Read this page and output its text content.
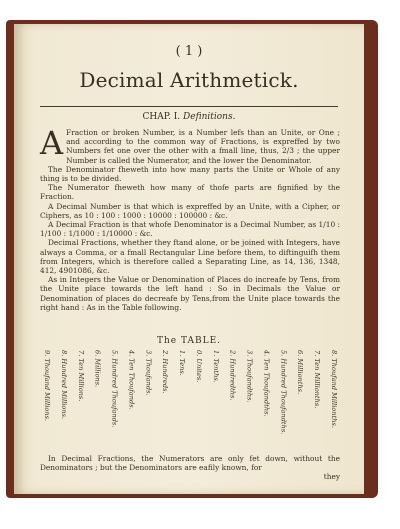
( 1 )
Decimal Arithmetick.
CHAP. I. Definitions.

A Fraction or broken Number, is a Number lefs than an Unite, or One ; and according to the common way of Fractions, is expreffed by two Numbers fet one over the other with a fmall line, thus, 2/3 ; the upper Number is called the Numerator, and the lower the Denominator.

The Denominator fheweth into how many parts the Unite or Whole of any thing is to be divided.

The Numerator fheweth how many of thofe parts are fignified by the Fraction.

A Decimal Number is that which is expreffed by an Unite, with a Cipher, or Ciphers, as 10 : 100 : 1000 : 10000 : 100000 : &c.

A Decimal Fraction is that whofe Denominator is a Decimal Number, as 1/10 : 1/100 : 1/1000 : 1/10000 : &c.

Decimal Fractions, whether they ftand alone, or be joined with Integers, have always a Comma, or a fmall Rectangular Line before them, to diftinguifh them from Integers, which is therefore called a Separating Line, as 14, 136, 1348, 412, 4901086, &c.

As in Integers the Value or Denomination of Places do increafe by Tens, from the Unite place towards the left hand : So in Decimals the Value or Denomination of places do decreafe by Tens,from the Unite place towards the right hand : As in the Table following.

The TABLE.
9. Thoufand Millions. 8. Hundred Millions. 7. Ten Millions. 6. Millions. 5. Hundred Thoufands. 4. Ten Thoufands. 3. Thoufands. 2. Hundreds. 1. Tens. 0. Unites. 1. Tenths. 2. Hundredths. 3. Thoufandths. 4. Ten Thoufandths. 5. Hundred Thoufandths. 6. Millionths. 7. Ten Millionths. 8. Thoufand Millionths.
In Decimal Fractions, the Numerators are only fet down, without the Denominators ; but the Denominators are eafily known, for
they
